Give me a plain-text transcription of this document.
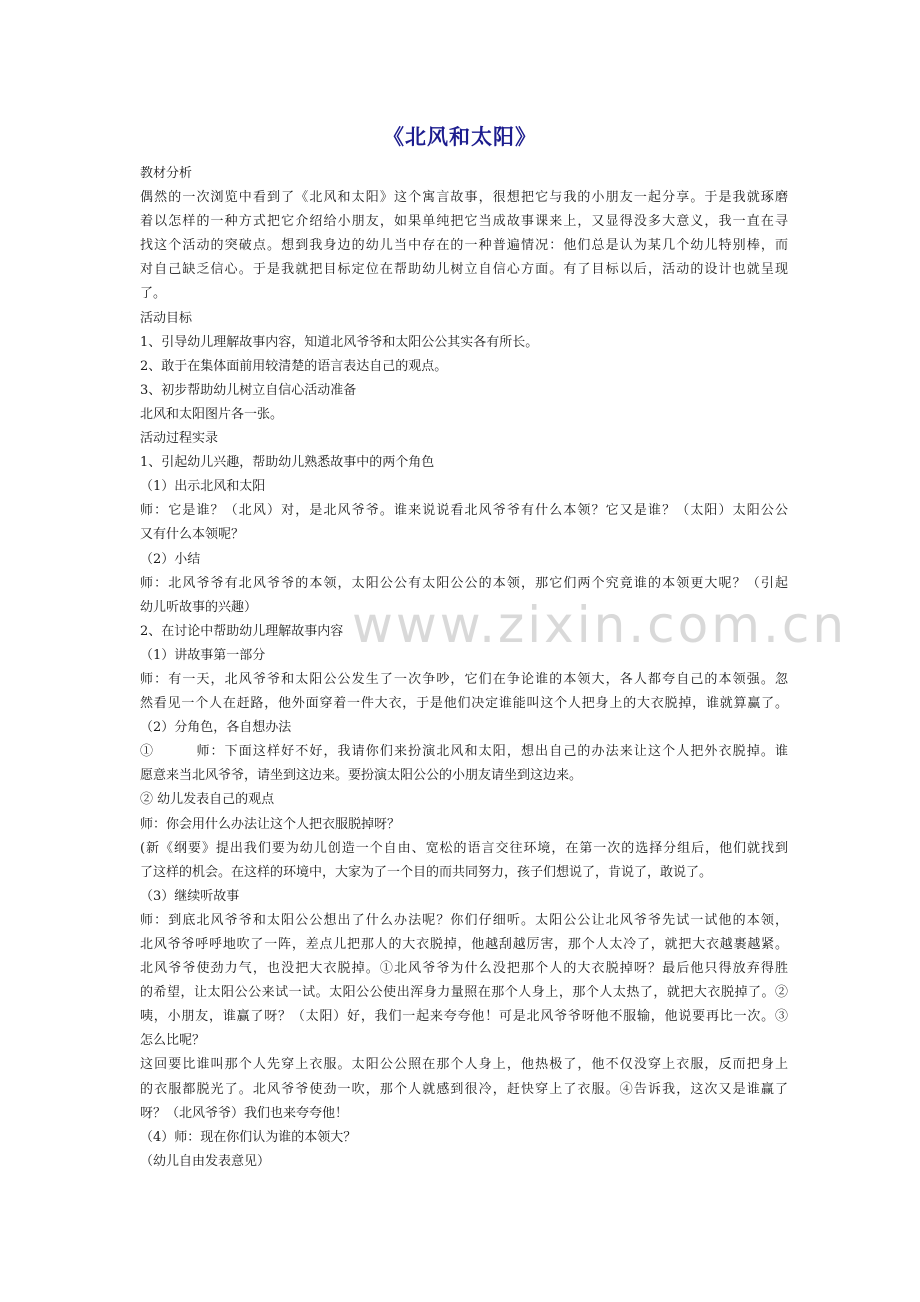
《北风和太阳》
教材分析
偶然的一次浏览中看到了《北风和太阳》这个寓言故事，很想把它与我的小朋友一起分享。于是我就琢磨
着以怎样的一种方式把它介绍给小朋友，如果单纯把它当成故事课来上，又显得没多大意义，我一直在寻
找这个活动的突破点。想到我身边的幼儿当中存在的一种普遍情况：他们总是认为某几个幼儿特别棒，而
对自己缺乏信心。于是我就把目标定位在帮助幼儿树立自信心方面。有了目标以后，活动的设计也就呈现
了。
活动目标
1、引导幼儿理解故事内容，知道北风爷爷和太阳公公其实各有所长。
2、敢于在集体面前用较清楚的语言表达自己的观点。
3、初步帮助幼儿树立自信心活动准备
北风和太阳图片各一张。
活动过程实录
1、引起幼儿兴趣，帮助幼儿熟悉故事中的两个角色
（1）出示北风和太阳
师：它是谁？（北风）对，是北风爷爷。谁来说说看北风爷爷有什么本领？它又是谁？（太阳）太阳公公
又有什么本领呢？
（2）小结
师：北风爷爷有北风爷爷的本领，太阳公公有太阳公公的本领，那它们两个究竟谁的本领更大呢？（引起
幼儿听故事的兴趣）
2、在讨论中帮助幼儿理解故事内容
（1）讲故事第一部分
师：有一天，北风爷爷和太阳公公发生了一次争吵，它们在争论谁的本领大，各人都夸自己的本领强。忽
然看见一个人在赶路，他外面穿着一件大衣，于是他们决定谁能叫这个人把身上的大衣脱掉，谁就算赢了。
（2）分角色，各自想办法
①　　　师：下面这样好不好，我请你们来扮演北风和太阳，想出自己的办法来让这个人把外衣脱掉。谁
愿意来当北风爷爷，请坐到这边来。要扮演太阳公公的小朋友请坐到这边来。
② 幼儿发表自己的观点
师：你会用什么办法让这个人把衣服脱掉呀？
(新《纲要》提出我们要为幼儿创造一个自由、宽松的语言交往环境，在第一次的选择分组后，他们就找到
了这样的机会。在这样的环境中，大家为了一个目的而共同努力，孩子们想说了，肯说了，敢说了。
（3）继续听故事
师：到底北风爷爷和太阳公公想出了什么办法呢？你们仔细听。太阳公公让北风爷爷先试一试他的本领，
北风爷爷呼呼地吹了一阵，差点儿把那人的大衣脱掉，他越刮越厉害，那个人太冷了，就把大衣越裹越紧。
北风爷爷使劲力气，也没把大衣脱掉。①北风爷爷为什么没把那个人的大衣脱掉呀？最后他只得放弃得胜
的希望，让太阳公公来试一试。太阳公公使出浑身力量照在那个人身上，那个人太热了，就把大衣脱掉了。②
咦，小朋友，谁赢了呀？（太阳）好，我们一起来夸夸他！可是北风爷爷呀他不服输，他说要再比一次。③
怎么比呢？
这回要比谁叫那个人先穿上衣服。太阳公公照在那个人身上，他热极了，他不仅没穿上衣服，反而把身上
的衣服都脱光了。北风爷爷使劲一吹，那个人就感到很冷，赶快穿上了衣服。④告诉我，这次又是谁赢了
呀？（北风爷爷）我们也来夸夸他！
（4）师：现在你们认为谁的本领大？
（幼儿自由发表意见）
www.zixin.com.cn
